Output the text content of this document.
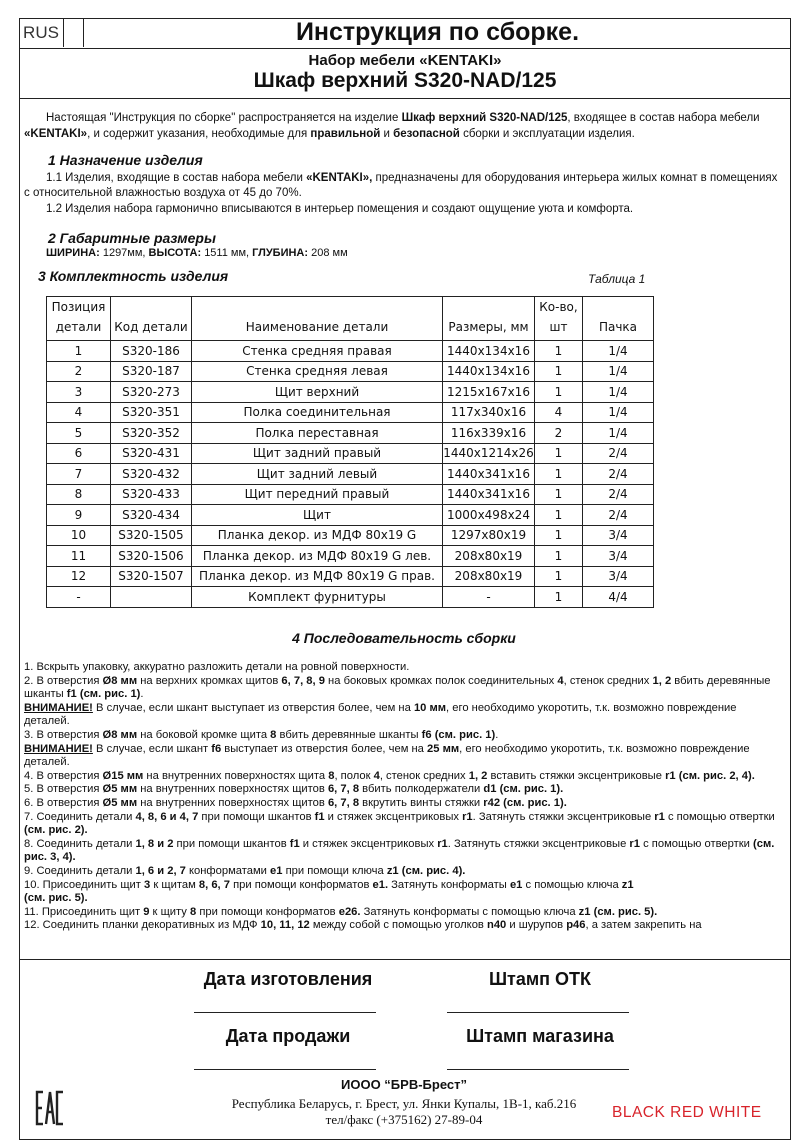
RUS	Инструкция по сборке.
Набор мебели «KENTAKI»
Шкаф верхний S320-NAD/125

Настоящая "Инструкция по сборке" распространяется на изделие Шкаф верхний S320-NAD/125, входящее в состав набора мебели «KENTAKI», и содержит указания, необходимые для правильной и безопасной сборки и эксплуатации изделия.

1 Назначение изделия
1.1 Изделия, входящие в состав набора мебели «KENTAKI», предназначены для оборудования интерьера жилых комнат в помещениях с относительной влажностью воздуха от 45 до 70%.
1.2 Изделия набора гармонично вписываются в интерьер помещения и создают ощущение уюта и комфорта.
2 Габаритные размеры
ШИРИНА: 1297мм, ВЫСОТА: 1511 мм, ГЛУБИНА: 208 мм
3 Комплектность изделия	Таблица 1
Позиция
детали	Код детали	Наименование детали	Размеры, мм	Ко-во,
шт	Пачка
1	S320-186	Стенка средняя правая	1440x134x16	1	1/4
2	S320-187	Стенка средняя левая	1440x134x16	1	1/4
3	S320-273	Щит верхний	1215x167x16	1	1/4
4	S320-351	Полка соединительная	117x340x16	4	1/4
5	S320-352	Полка переставная	116x339x16	2	1/4
6	S320-431	Щит задний правый	1440x1214x26	1	2/4
7	S320-432	Щит задний левый	1440x341x16	1	2/4
8	S320-433	Щит передний правый	1440x341x16	1	2/4
9	S320-434	Щит	1000x498x24	1	2/4
10	S320-1505	Планка декор. из МДФ 80x19 G	1297x80x19	1	3/4
11	S320-1506	Планка декор. из МДФ 80x19 G лев.	208x80x19	1	3/4
12	S320-1507	Планка декор. из МДФ 80x19 G прав.	208x80x19	1	3/4
-		Комплект фурнитуры	-	1	4/4
4 Последовательность сборки

1. Вскрыть упаковку, аккуратно разложить детали на ровной поверхности.

2. В отверстия Ø8 мм на верхних кромках щитов 6, 7, 8, 9 на боковых кромках полок соединительных 4, стенок средних 1, 2 вбить деревянные шканты f1 (см. рис. 1).

ВНИМАНИЕ! В случае, если шкант выступает из отверстия более, чем на 10 мм, его необходимо укоротить, т.к. возможно повреждение деталей.

3. В отверстия Ø8 мм на боковой кромке щита 8 вбить деревянные шканты f6 (см. рис. 1).

ВНИМАНИЕ! В случае, если шкант f6 выступает из отверстия более, чем на 25 мм, его необходимо укоротить, т.к. возможно повреждение деталей.

4. В отверстия Ø15 мм на внутренних поверхностях щита 8, полок 4, стенок средних 1, 2 вставить стяжки эксцентриковые r1 (см. рис. 2, 4).

5. В отверстия Ø5 мм на внутренних поверхностях щитов 6, 7, 8 вбить полкодержатели d1 (см. рис. 1).

6. В отверстия Ø5 мм на внутренних поверхностях щитов 6, 7, 8 вкрутить винты стяжки r42 (см. рис. 1).

7. Соединить детали 4, 8, 6 и 4, 7 при помощи шкантов f1 и стяжек эксцентриковых r1. Затянуть стяжки эксцентриковые r1 с помощью отвертки (см. рис. 2).

8. Соединить детали 1, 8 и 2 при помощи шкантов f1 и стяжек эксцентриковых r1. Затянуть стяжки эксцентриковые r1 с помощью отвертки (см. рис. 3, 4).

9. Соединить детали 1, 6 и 2, 7 конформатами e1 при помощи ключа z1 (см. рис. 4).

10. Присоединить щит 3 к щитам 8, 6, 7 при помощи конформатов e1. Затянуть конформаты e1 с помощью ключа z1
(см. рис. 5).

11. Присоединить щит 9 к щиту 8 при помощи конформатов e26. Затянуть конформаты с помощью ключа z1 (см. рис. 5).

12. Соединить планки декоративных из МДФ 10, 11, 12 между собой с помощью уголков n40 и шурупов p46, а затем закрепить на

Дата изготовления	Штамп ОТК
Дата продажи	Штамп магазина
ИООО “БРВ-Брест”
Республика Беларусь, г. Брест, ул. Янки Купалы, 1В-1, каб.216
тел/факс (+375162) 27-89-04	BLACK RED WHITE
